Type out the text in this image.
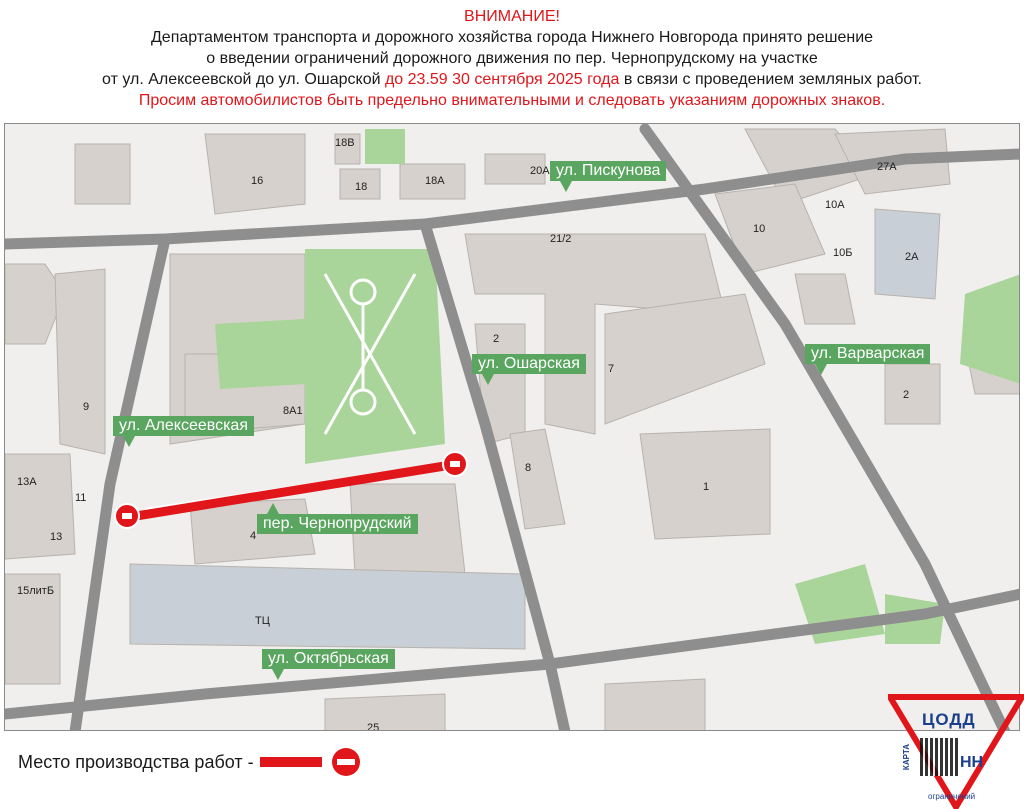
ВНИМАНИЕ!
Департаментом транспорта и дорожного хозяйства города Нижнего Новгорода принято решение
о введении ограничений дорожного движения по пер. Чернопрудскому на участке
от ул. Алексеевской до ул. Ошарской до 23.59 30 сентября 2025 года в связи с проведением земляных работ.
Просим автомобилистов быть предельно внимательными и следовать указаниям дорожных знаков.
18В
16	18	18А
20А	27А
10А
10
10Б	2А
21/2
2
7
9	8А1
13А
11
13	4
8
1
2
15литБ
ТЦ
25
ул. Пискунова
ул. Ошарская
ул. Варварская
ул. Алексеевская
пер. Чернопрудский
ул. Октябрьская
Место производства работ -
ЦОДД
НН
КАРТА
ограничений
